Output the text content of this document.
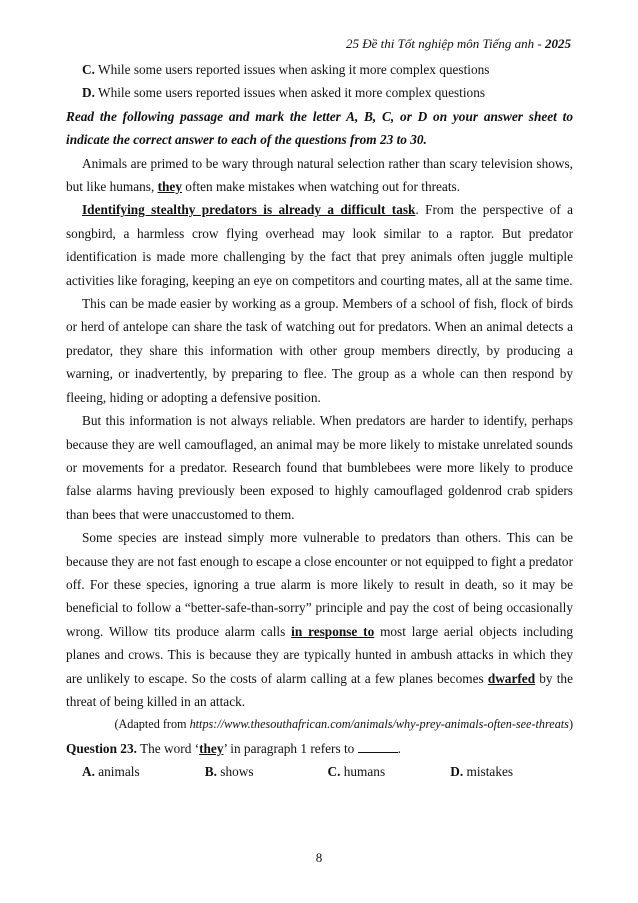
25 Đề thi Tốt nghiệp môn Tiếng anh - 2025
C. While some users reported issues when asking it more complex questions
D. While some users reported issues when asked it more complex questions

Read the following passage and mark the letter A, B, C, or D on your answer sheet to indicate the correct answer to each of the questions from 23 to 30.

Animals are primed to be wary through natural selection rather than scary television shows, but like humans, they often make mistakes when watching out for threats.

Identifying stealthy predators is already a difficult task. From the perspective of a songbird, a harmless crow flying overhead may look similar to a raptor. But predator identification is made more challenging by the fact that prey animals often juggle multiple activities like foraging, keeping an eye on competitors and courting mates, all at the same time.

This can be made easier by working as a group. Members of a school of fish, flock of birds or herd of antelope can share the task of watching out for predators. When an animal detects a predator, they share this information with other group members directly, by producing a warning, or inadvertently, by preparing to flee. The group as a whole can then respond by fleeing, hiding or adopting a defensive position.

But this information is not always reliable. When predators are harder to identify, perhaps because they are well camouflaged, an animal may be more likely to mistake unrelated sounds or movements for a predator. Research found that bumblebees were more likely to produce false alarms having previously been exposed to highly camouflaged goldenrod crab spiders than bees that were unaccustomed to them.

Some species are instead simply more vulnerable to predators than others. This can be because they are not fast enough to escape a close encounter or not equipped to fight a predator off. For these species, ignoring a true alarm is more likely to result in death, so it may be beneficial to follow a “better-safe-than-sorry” principle and pay the cost of being occasionally wrong. Willow tits produce alarm calls in response to most large aerial objects including planes and crows. This is because they are typically hunted in ambush attacks in which they are unlikely to escape. So the costs of alarm calling at a few planes becomes dwarfed by the threat of being killed in an attack.

(Adapted from https://www.thesouthafrican.com/animals/why-prey-animals-often-see-threats)
Question 23. The word ‘they’ in paragraph 1 refers to	.
A. animals	B. shows	C. humans	D. mistakes
8
